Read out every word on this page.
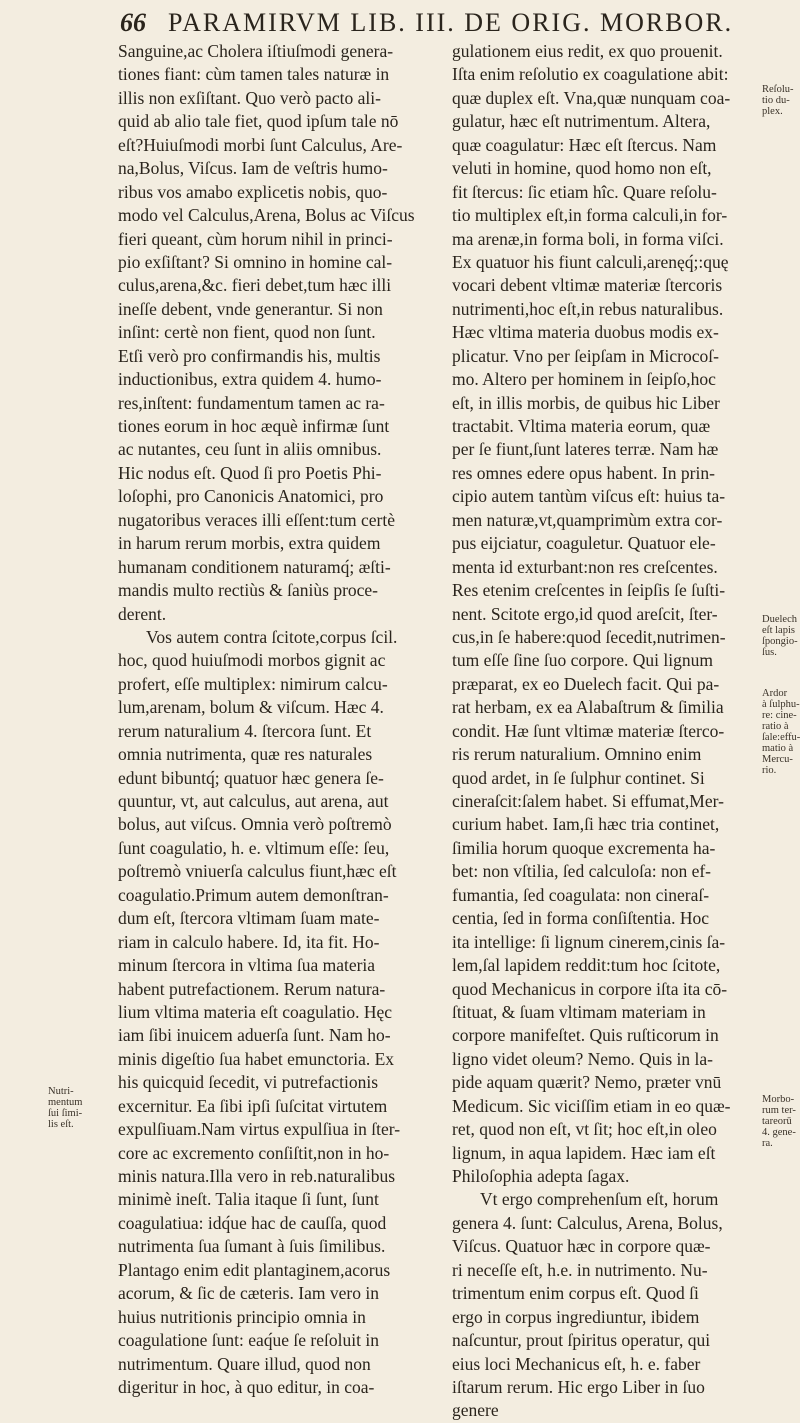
66 PARAMIRVM LIB. III. DE ORIG. MORBOR.
Sanguine,ac Cholera iſtiuſmodi genera-
tiones fiant: cùm tamen tales naturæ in
illis non exſiſtant. Quo verò pacto ali-
quid ab alio tale fiet, quod ipſum tale nō
eſt?Huiuſmodi morbi ſunt Calculus, Are-
na,Bolus, Viſcus. Iam de veſtris humo-
ribus vos amabo explicetis nobis, quo-
modo vel Calculus,Arena, Bolus ac Viſcus
fieri queant, cùm horum nihil in princi-
pio exſiſtant? Si omnino in homine cal-
culus,arena,&c. fieri debet,tum hæc illi
ineſſe debent, vnde generantur. Si non
inſint: certè non fient, quod non ſunt.
Etſi verò pro confirmandis his, multis
inductionibus, extra quidem 4. humo-
res,inſtent: fundamentum tamen ac ra-
tiones eorum in hoc æquè infirmæ ſunt
ac nutantes, ceu ſunt in aliis omnibus.
Hic nodus eſt. Quod ſi pro Poetis Phi-
loſophi, pro Canonicis Anatomici, pro
nugatoribus veraces illi eſſent:tum certè
in harum rerum morbis, extra quidem
humanam conditionem naturamq́; æſti-
mandis multo rectiùs & ſaniùs proce-
derent.
Vos autem contra ſcitote,corpus ſcil.
hoc, quod huiuſmodi morbos gignit ac
profert, eſſe multiplex: nimirum calcu-
lum,arenam, bolum & viſcum. Hæc 4.
rerum naturalium 4. ſtercora ſunt. Et
omnia nutrimenta, quæ res naturales
edunt bibuntq́; quatuor hæc genera ſe-
quuntur, vt, aut calculus, aut arena, aut
bolus, aut viſcus. Omnia verò poſtremò
ſunt coagulatio, h. e. vltimum eſſe: ſeu,
poſtremò vniuerſa calculus fiunt,hæc eſt
coagulatio.Primum autem demonſtran-
dum eſt, ſtercora vltimam ſuam mate-
riam in calculo habere. Id, ita fit. Ho-
minum ſtercora in vltima ſua materia
habent putrefactionem. Rerum natura-
lium vltima materia eſt coagulatio. Hęc
iam ſibi inuicem aduerſa ſunt. Nam ho-
minis digeſtio ſua habet emunctoria. Ex
his quicquid ſecedit, vi putrefactionis
excernitur. Ea ſibi ipſi ſuſcitat virtutem
expulſiuam.Nam virtus expulſiua in ſter-
core ac excremento conſiſtit,non in ho-
minis natura.Illa vero in reb.naturalibus
minimè ineſt. Talia itaque ſi ſunt, ſunt
coagulatiua: idq́ue hac de cauſſa, quod
nutrimenta ſua ſumant à ſuis ſimilibus.
Plantago enim edit plantaginem,acorus
acorum, & ſic de cæteris. Iam vero in
huius nutritionis principio omnia in
coagulatione ſunt: eaq́ue ſe reſoluit in
nutrimentum. Quare illud, quod non
digeritur in hoc, à quo editur, in coa-
gulationem eius redit, ex quo prouenit.
Iſta enim reſolutio ex coagulatione abit:
quæ duplex eſt. Vna,quæ nunquam coa-
gulatur, hæc eſt nutrimentum. Altera,
quæ coagulatur: Hæc eſt ſtercus. Nam
veluti in homine, quod homo non eſt,
fit ſtercus: ſic etiam hîc. Quare reſolu-
tio multiplex eſt,in forma calculi,in for-
ma arenæ,in forma boli, in forma viſci.
Ex quatuor his fiunt calculi,arenęq́;:quę
vocari debent vltimæ materiæ ſtercoris
nutrimenti,hoc eſt,in rebus naturalibus.
Hæc vltima materia duobus modis ex-
plicatur. Vno per ſeipſam in Microcoſ-
mo. Altero per hominem in ſeipſo,hoc
eſt, in illis morbis, de quibus hic Liber
tractabit. Vltima materia eorum, quæ
per ſe fiunt,ſunt lateres terræ. Nam hæ
res omnes edere opus habent. In prin-
cipio autem tantùm viſcus eſt: huius ta-
men naturæ,vt,quamprimùm extra cor-
pus eijciatur, coaguletur. Quatuor ele-
menta id exturbant:non res creſcentes.
Res etenim creſcentes in ſeipſis ſe ſuſti-
nent. Scitote ergo,id quod areſcit, ſter-
cus,in ſe habere:quod ſecedit,nutrimen-
tum eſſe ſine ſuo corpore. Qui lignum
præparat, ex eo Duelech facit. Qui pa-
rat herbam, ex ea Alabaſtrum & ſimilia
condit. Hæ ſunt vltimæ materiæ ſterco-
ris rerum naturalium. Omnino enim
quod ardet, in ſe ſulphur continet. Si
cineraſcit:ſalem habet. Si effumat,Mer-
curium habet. Iam,ſi hæc tria continet,
ſimilia horum quoque excrementa ha-
bet: non vſtilia, ſed calculoſa: non ef-
fumantia, ſed coagulata: non cineraſ-
centia, ſed in forma conſiſtentia. Hoc
ita intellige: ſi lignum cinerem,cinis ſa-
lem,ſal lapidem reddit:tum hoc ſcitote,
quod Mechanicus in corpore iſta ita cō-
ſtituat, & ſuam vltimam materiam in
corpore manifeſtet. Quis ruſticorum in
ligno videt oleum? Nemo. Quis in la-
pide aquam quærit? Nemo, præter vnū
Medicum. Sic viciſſim etiam in eo quæ-
ret, quod non eſt, vt ſit; hoc eſt,in oleo
lignum, in aqua lapidem. Hæc iam eſt
Philoſophia adepta ſagax.
Vt ergo comprehenſum eſt, horum
genera 4. ſunt: Calculus, Arena, Bolus,
Viſcus. Quatuor hæc in corpore quæ-
ri neceſſe eſt, h.e. in nutrimento. Nu-
trimentum enim corpus eſt. Quod ſi
ergo in corpus ingrediuntur, ibidem
naſcuntur, prout ſpiritus operatur, qui
eius loci Mechanicus eſt, h. e. faber
iſtarum rerum. Hic ergo Liber in ſuo
genere
Reſolu-
tio du-
plex.
Duelech
eſt lapis
ſpongio-
ſus.
Ardor
à ſulphu-
re: cine-
ratio à
ſale:effu-
matio à
Mercu-
rio.
Morbo-
rum ter-
tareorū
4. gene-
ra.
Nutri-
mentum
ſui ſimi-
lis eſt.
